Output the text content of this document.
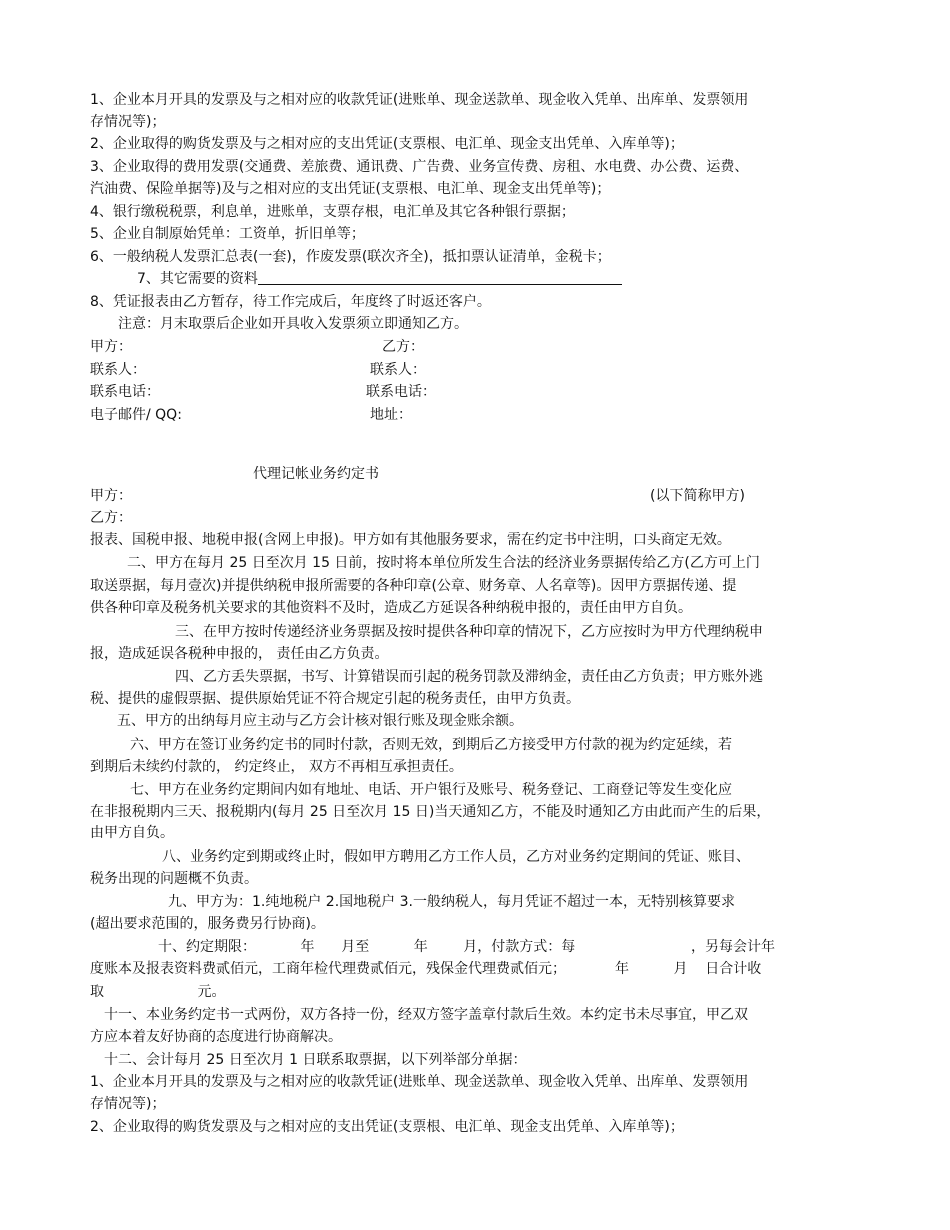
1、企业本月开具的发票及与之相对应的收款凭证(进账单、现金送款单、现金收入凭单、出库单、发票领用
存情况等)；
2、企业取得的购货发票及与之相对应的支出凭证(支票根、电汇单、现金支出凭单、入库单等)；
3、企业取得的费用发票(交通费、差旅费、通讯费、广告费、业务宣传费、房租、水电费、办公费、运费、
汽油费、保险单据等)及与之相对应的支出凭证(支票根、电汇单、现金支出凭单等)；
4、银行缴税税票，利息单，进账单，支票存根，电汇单及其它各种银行票据；
5、企业自制原始凭单：工资单，折旧单等；
6、一般纳税人发票汇总表(一套)，作废发票(联次齐全)，抵扣票认证清单，金税卡；
7、其它需要的资料
8、凭证报表由乙方暂存，待工作完成后，年度终了时返还客户。
注意：月末取票后企业如开具收入发票须立即通知乙方。
甲方：	乙方：
联系人：	联系人：
联系电话：	联系电话：
电子邮件/ QQ:	地址：
代理记帐业务约定书
甲方：	(以下简称甲方)
乙方：
报表、国税申报、地税申报(含网上申报)。甲方如有其他服务要求，需在约定书中注明，口头商定无效。
二、甲方在每月 25 日至次月 15 日前，按时将本单位所发生合法的经济业务票据传给乙方(乙方可上门
取送票据，每月壹次)并提供纳税申报所需要的各种印章(公章、财务章、人名章等)。因甲方票据传递、提
供各种印章及税务机关要求的其他资料不及时，造成乙方延误各种纳税申报的，责任由甲方自负。
三、在甲方按时传递经济业务票据及按时提供各种印章的情况下，乙方应按时为甲方代理纳税申
报，造成延误各税种申报的， 责任由乙方负责。
四、乙方丢失票据，书写、计算错误而引起的税务罚款及滞纳金，责任由乙方负责；甲方账外逃
税、提供的虚假票据、提供原始凭证不符合规定引起的税务责任，由甲方负责。
五、甲方的出纳每月应主动与乙方会计核对银行账及现金账余额。
六、甲方在签订业务约定书的同时付款，否则无效，到期后乙方接受甲方付款的视为约定延续，若
到期后未续约付款的， 约定终止， 双方不再相互承担责任。
七、甲方在业务约定期间内如有地址、电话、开户银行及账号、税务登记、工商登记等发生变化应
在非报税期内三天、报税期内(每月 25 日至次月 15 日)当天通知乙方，不能及时通知乙方由此而产生的后果，
由甲方自负。
八、业务约定到期或终止时，假如甲方聘用乙方工作人员，乙方对业务约定期间的凭证、账目、
税务出现的问题概不负责。
九、甲方为：1.纯地税户 2.国地税户 3.一般纳税人，每月凭证不超过一本，无特别核算要求
(超出要求范围的，服务费另行协商)。
十、约定期限：          年      月至          年        月，付款方式：每                          ，另每会计年
度账本及报表资料费贰佰元，工商年检代理费贰佰元，残保金代理费贰佰元；           年          月    日合计收
取                     元。
十一、本业务约定书一式两份，双方各持一份，经双方签字盖章付款后生效。本约定书未尽事宜，甲乙双
方应本着友好协商的态度进行协商解决。
十二、会计每月 25 日至次月 1 日联系取票据，以下列举部分单据：
1、企业本月开具的发票及与之相对应的收款凭证(进账单、现金送款单、现金收入凭单、出库单、发票领用
存情况等)；
2、企业取得的购货发票及与之相对应的支出凭证(支票根、电汇单、现金支出凭单、入库单等)；
